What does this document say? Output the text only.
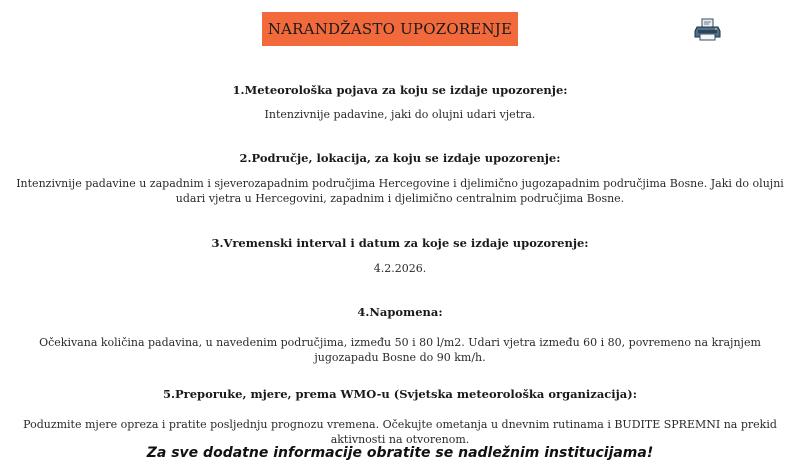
NARANDŽASTO UPOZORENJE
1.Meteorološka pojava za koju se izdaje upozorenje:
Intenzivnije padavine, jaki do olujni udari vjetra.
2.Područje, lokacija, za koju se izdaje upozorenje:
Intenzivnije padavine u zapadnim i sjeverozapadnim područjima Hercegovine i djelimično jugozapadnim područjima Bosne. Jaki do olujni udari vjetra u Hercegovini, zapadnim i djelimično centralnim područjima Bosne.
3.Vremenski interval i datum za koje se izdaje upozorenje:
4.2.2026.
4.Napomena:
Očekivana količina padavina, u navedenim područjima, između 50 i 80 l/m2. Udari vjetra između 60 i 80, povremeno na krajnjem jugozapadu Bosne do 90 km/h.
5.Preporuke, mjere, prema WMO-u (Svjetska meteorološka organizacija):
Poduzmite mjere opreza i pratite posljednju prognozu vremena. Očekujte ometanja u dnevnim rutinama i BUDITE SPREMNI na prekid aktivnosti na otvorenom.
Za sve dodatne informacije obratite se nadležnim institucijama!
